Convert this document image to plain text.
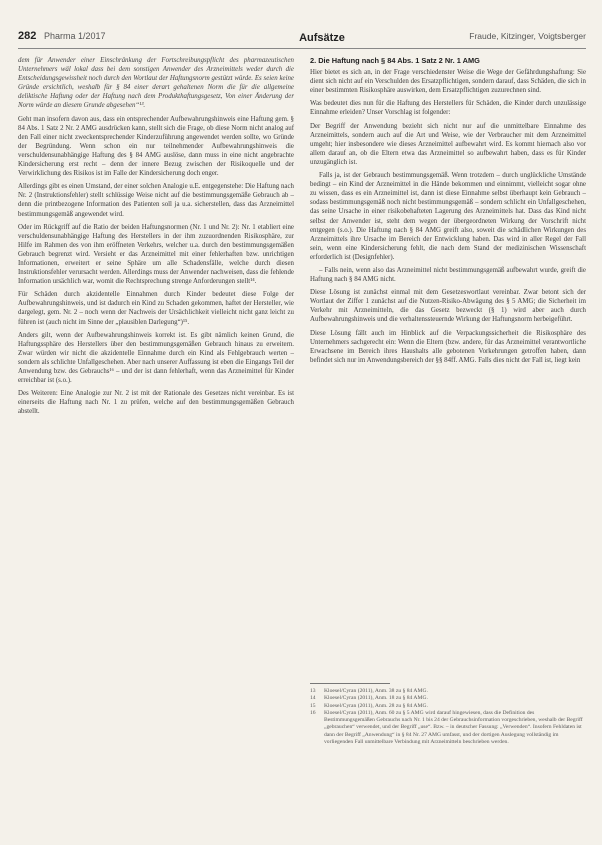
282 Pharma 1/2017	Aufsätze	Fraude, Kitzinger, Voigtsberger

dem für Anwender einer Einschränkung der Fortschreibungspflicht des pharmazeutischen Unternehmers wäl lokal dass bei dem sonstigen Anwender des Arzneimittels weder durch die Entscheidungsgewissheit noch durch den Wortlaut der Haftungsnorm gestützt würde. Es seien keine Gründe ersichtlich, weshalb für § 84 einer derart gehaltenen Norm die für die allgemeine deliktische Haftung oder der Haftung nach dem Produkthaftungsgesetz, Von einer Änderung der Norm würde an diesem Grunde abgesehen“¹³.

Geht man insofern davon aus, dass ein entsprechender Aufbewahrungshinweis eine Haftung gem. § 84 Abs. 1 Satz 2 Nr. 2 AMG ausdrücken kann, stellt sich die Frage, ob diese Norm nicht analog auf den Fall einer nicht zweckentsprechender Kinderzuführung angewendet werden sollte, wo Gründe der Begründung. Wenn schon ein nur teilnehmender Aufbewahrungshinweis die verschuldensunabhängige Haftung des § 84 AMG auslöse, dann muss in eine nicht angebrachte Kindersicherung erst recht – denn der innere Bezug zwischen der Risikoquelle und der Verwirklichung des Risikos ist im Falle der Kindersicherung doch enger.

Allerdings gibt es einen Umstand, der einer solchen Analogie u.E. entgegenstehe: Die Haftung nach Nr. 2 (Instruktionsfehler) stellt schlüssige Weise nicht auf die bestimmungsgemäße Gebrauch ab – denn die printbezogene Information des Patienten soll ja u.a. sicherstellen, dass das Arzneimittel bestimmungsgemäß angewendet wird.

Oder im Rückgriff auf die Ratio der beiden Haftungsnormen (Nr. 1 und Nr. 2): Nr. 1 etabliert eine verschuldensunabhängige Haftung des Herstellers in der ihm zuzuordnenden Risikosphäre, zur Hilfe im Rahmen des von ihm eröffneten Verkehrs, welcher u.a. durch den bestimmungsgemäßen Gebrauch begrenzt wird. Versieht er das Arzneimittel mit einer fehlerhaften bzw. unrichtigen Informationen, erweitert er seine Sphäre um alle Schadensfälle, welche durch diesen Instruktionsfehler verursacht werden. Allerdings muss der Anwender nachweisen, dass die fehlende Information ursächlich war, womit die Rechtsprechung strenge Anforderungen stellt¹⁴.

Für Schäden durch akzidentelle Einnahmen durch Kinder bedeutet diese Folge der Aufbewahrungshinweis, und ist dadurch ein Kind zu Schaden gekommen, haftet der Hersteller, wie dargelegt, gem. Nr. 2 – noch wenn der Nachweis der Ursächlichkeit vielleicht nicht ganz leicht zu führen ist (auch nicht im Sinne der „plausiblen Darlegung“)¹⁵.

Anders gilt, wenn der Aufbewahrungshinweis korrekt ist. Es gibt nämlich keinen Grund, die Haftungssphäre des Herstellers über den bestimmungsgemäßen Gebrauch hinaus zu erweitern. Zwar würden wir nicht die akzidentelle Einnahme durch ein Kind als Fehlgebrauch werten – sondern als schlichte Unfallgeschehen. Aber nach unserer Auffassung ist eben die Eingangs Teil der Anwendung bzw. des Gebrauchs¹⁶ – und der ist dann fehlerhaft, wenn das Arzneimittel für Kinder erreichbar ist (s.o.).

Des Weiteren: Eine Analogie zur Nr. 2 ist mit der Rationale des Gesetzes nicht vereinbar. Es ist einerseits die Haftung nach Nr. 1 zu prüfen, welche auf den bestimmungsgemäßen Gebrauch abstellt.

2. Die Haftung nach § 84 Abs. 1 Satz 2 Nr. 1 AMG

Hier bietet es sich an, in der Frage verschiedenster Weise die Wege der Gefährdungshaftung: Sie dient sich nicht auf ein Verschulden des Ersatzpflichtigen, sondern darauf, dass Schäden, die sich in einer bestimmten Risikosphäre auswirken, dem Ersatzpflichtigen zuzurechnen sind.

Was bedeutet dies nun für die Haftung des Herstellers für Schäden, die Kinder durch unzulässige Einnahme erleiden? Unser Vorschlag ist folgender:

Der Begriff der Anwendung bezieht sich nicht nur auf die unmittelbare Einnahme des Arzneimittels, sondern auch auf die Art und Weise, wie der Verbraucher mit dem Arzneimittel umgeht; hier insbesondere wie dieses Arzneimittel aufbewahrt wird. Es kommt hiernach also vor allem darauf an, ob die Eltern etwa das Arzneimittel so aufbewahrt haben, dass es für Kinder unzugänglich ist.

Falls ja, ist der Gebrauch bestimmungsgemäß. Wenn trotzdem – durch unglückliche Umstände bedingt – ein Kind der Arzneimittel in die Hände bekommen und einnimmt, vielleicht sogar ohne zu wissen, dass es ein Arzneimittel ist, dann ist diese Einnahme selbst überhaupt kein Gebrauch – sodass bestimmungsgemäß noch nicht bestimmungsgemäß – sondern schlicht ein Unfallgeschehen, das seine Ursache in einer risikobehafteten Lagerung des Arzneimittels hat. Dass das Kind nicht selbst der Anwender ist, steht dem wegen der übergeordneten Wirkung der Vorschrift nicht entgegen (s.o.). Die Haftung nach § 84 AMG greift also, soweit die schädlichen Wirkungen des Arzneimittels ihre Ursache im Bereich der Entwicklung haben. Das wird in aller Regel der Fall sein, wenn eine Kindersicherung fehlt, die nach dem Stand der medizinischen Wissenschaft erforderlich ist (Designfehler).

– Falls nein, wenn also das Arzneimittel nicht bestimmungsgemäß aufbewahrt wurde, greift die Haftung nach § 84 AMG nicht.

Diese Lösung ist zunächst einmal mit dem Gesetzeswortlaut vereinbar. Zwar betont sich der Wortlaut der Ziffer 1 zunächst auf die Nutzen-Risiko-Abwägung des § 5 AMG; die Sicherheit im Verkehr mit Arzneimitteln, die das Gesetz bezweckt (§ 1) wird aber auch durch Aufbewahrungshinweis und die verhaltenssteuernde Wirkung der Haftungsnorm herbeigeführt.

Diese Lösung fällt auch im Hinblick auf die Verpackungssicherheit die Risikosphäre des Unternehmers sachgerecht ein: Wenn die Eltern (bzw. andere, für das Arzneimittel verantwortliche Erwachsene im Bereich ihres Haushalts alle gebotenen Vorkehrungen getroffen haben, dann befindet sich nur im Anwendungsbereich der §§ 84ff. AMG. Falls dies nicht der Fall ist, liegt kein

13	Kloesel/Cyran (2011), Anm. 38 zu § 84 AMG.
14	Kloesel/Cyran (2011), Anm. 18 zu § 84 AMG.
15	Kloesel/Cyran (2011), Anm. 28 zu § 84 AMG.
16	Kloesel/Cyran (2011), Anm. 60 zu § 5 AMG wird darauf hingewiesen, dass die Definition des Bestimmungsgemäßen Gebrauchs nach Nr. 1 bis 24 der Gebrauchsinformation vorgeschrieben, weshalb der Begriff „gebrauchen“ verwendet, und der Begriff „use“. Bzw. – in deutscher Fassung: „Verwenden“. Insofern Fehldaten ist dann der Begriff „Anwendung“ in § 84 Nr. 27 AMG umfasst, und der dortigen Auslegung vollständig im vorliegenden Fall unmittelbare Verbindung mit Arzneimitteln beschrieben werden.
